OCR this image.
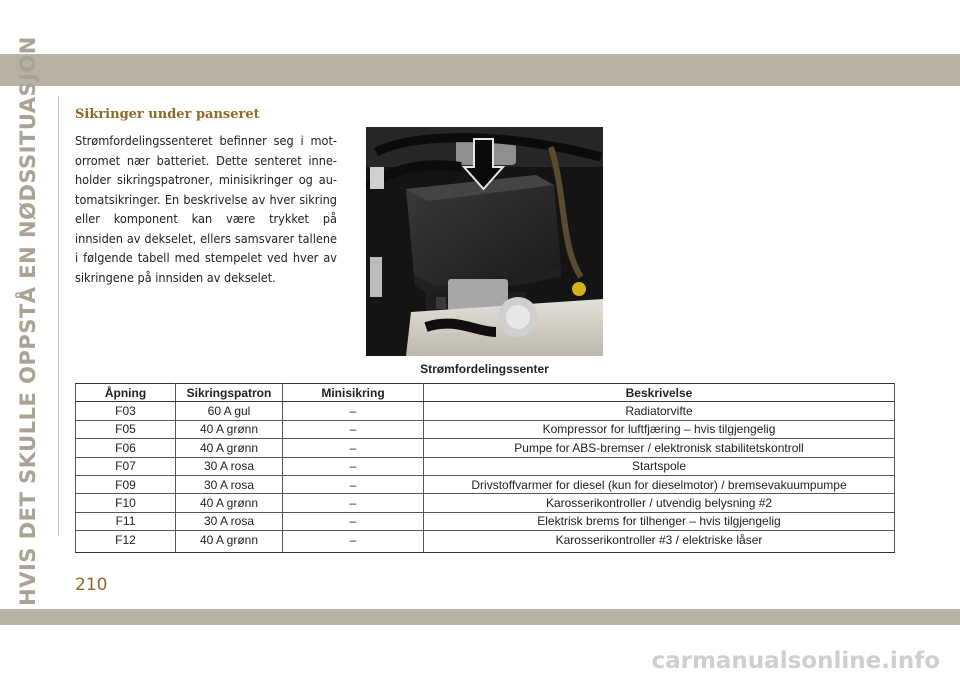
HVIS DET SKULLE OPPSTÅ EN NØDSSITUASJON	Sikringer under panseret

Strømfordelingssenteret befinner seg i motorromet nær batteriet. Dette senteret inneholder sikringspatroner, minisikringer og automatsikringer. En beskrivelse av hver sikring eller komponent kan være trykket på innsiden av dekselet, ellers samsvarer tallene i følgende tabell med stempelet ved hver av sikringene på innsiden av dekselet.

Strømfordelingssenter
Åpning	Sikringspatron	Minisikring	Beskrivelse
F03	60 A gul	–	Radiatorvifte
F05	40 A grønn	–	Kompressor for luftfjæring – hvis tilgjengelig
F06	40 A grønn	–	Pumpe for ABS-bremser / elektronisk stabilitetskontroll
F07	30 A rosa	–	Startspole
F09	30 A rosa	–	Drivstoffvarmer for diesel (kun for dieselmotor) / bremsevakuumpumpe
F10	40 A grønn	–	Karosserikontroller / utvendig belysning #2
F11	30 A rosa	–	Elektrisk brems for tilhenger – hvis tilgjengelig
F12	40 A grønn	–	Karosserikontroller #3 / elektriske låser
210
carmanualsonline.info
